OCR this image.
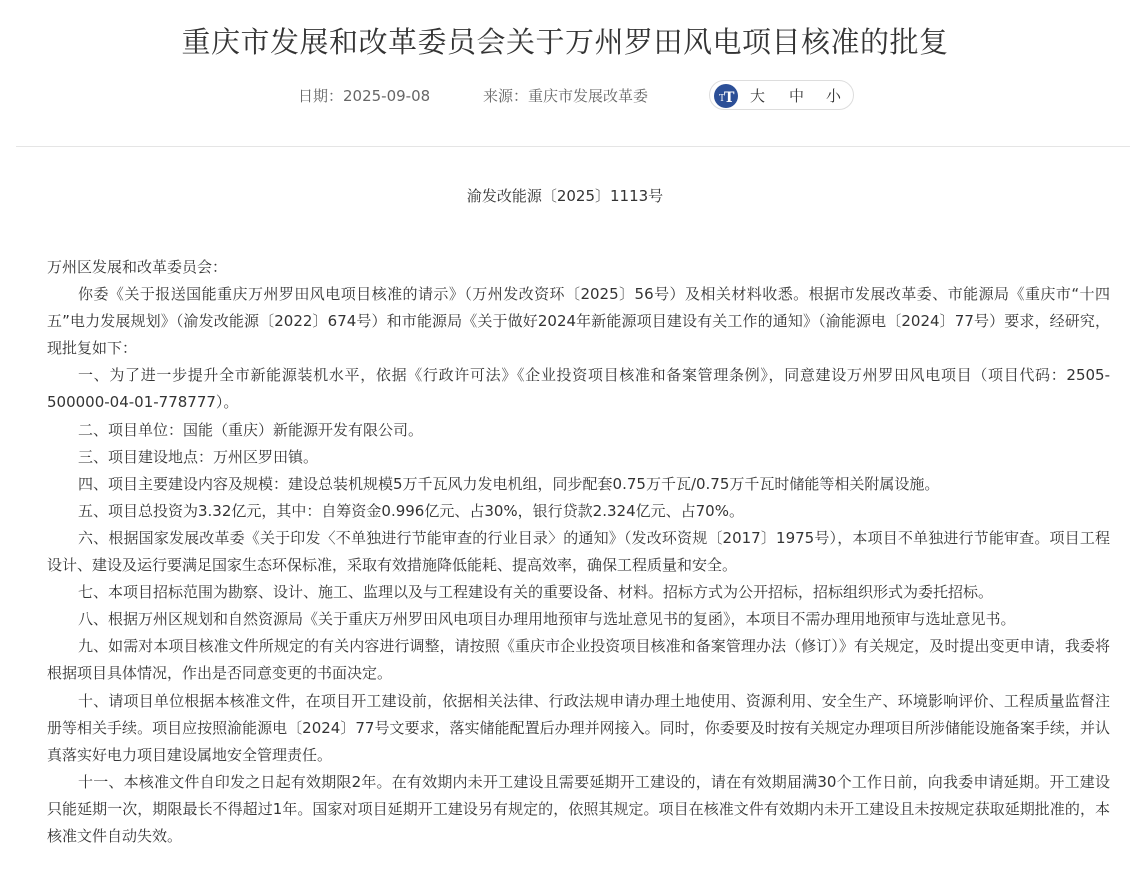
重庆市发展和改革委员会关于万州罗田风电项目核准的批复
日期：2025-09-08	来源：重庆市发展改革委	T
T 大 中 小
渝发改能源〔2025〕1113号

万州区发展和改革委员会：

你委《关于报送国能重庆万州罗田风电项目核准的请示》（万州发改资环〔2025〕56号）及相关材料收悉。根据市发展改革委、市能源局《重庆市“十四五”电力发展规划》（渝发改能源〔2022〕674号）和市能源局《关于做好2024年新能源项目建设有关工作的通知》（渝能源电〔2024〕77号）要求，经研究，现批复如下：

一、为了进一步提升全市新能源装机水平，依据《行政许可法》《企业投资项目核准和备案管理条例》，同意建设万州罗田风电项目（项目代码：2505-500000-04-01-778777）。

二、项目单位：国能（重庆）新能源开发有限公司。

三、项目建设地点：万州区罗田镇。

四、项目主要建设内容及规模：建设总装机规模5万千瓦风力发电机组，同步配套0.75万千瓦/0.75万千瓦时储能等相关附属设施。

五、项目总投资为3.32亿元，其中：自筹资金0.996亿元、占30%，银行贷款2.324亿元、占70%。

六、根据国家发展改革委《关于印发〈不单独进行节能审查的行业目录〉的通知》（发改环资规〔2017〕1975号），本项目不单独进行节能审查。项目工程设计、建设及运行要满足国家生态环保标准，采取有效措施降低能耗、提高效率，确保工程质量和安全。

七、本项目招标范围为勘察、设计、施工、监理以及与工程建设有关的重要设备、材料。招标方式为公开招标，招标组织形式为委托招标。

八、根据万州区规划和自然资源局《关于重庆万州罗田风电项目办理用地预审与选址意见书的复函》，本项目不需办理用地预审与选址意见书。

九、如需对本项目核准文件所规定的有关内容进行调整，请按照《重庆市企业投资项目核准和备案管理办法（修订）》有关规定，及时提出变更申请，我委将根据项目具体情况，作出是否同意变更的书面决定。

十、请项目单位根据本核准文件，在项目开工建设前，依据相关法律、行政法规申请办理土地使用、资源利用、安全生产、环境影响评价、工程质量监督注册等相关手续。项目应按照渝能源电〔2024〕77号文要求，落实储能配置后办理并网接入。同时，你委要及时按有关规定办理项目所涉储能设施备案手续，并认真落实好电力项目建设属地安全管理责任。

十一、本核准文件自印发之日起有效期限2年。在有效期内未开工建设且需要延期开工建设的，请在有效期届满30个工作日前，向我委申请延期。开工建设只能延期一次，期限最长不得超过1年。国家对项目延期开工建设另有规定的，依照其规定。项目在核准文件有效期内未开工建设且未按规定获取延期批准的，本核准文件自动失效。
